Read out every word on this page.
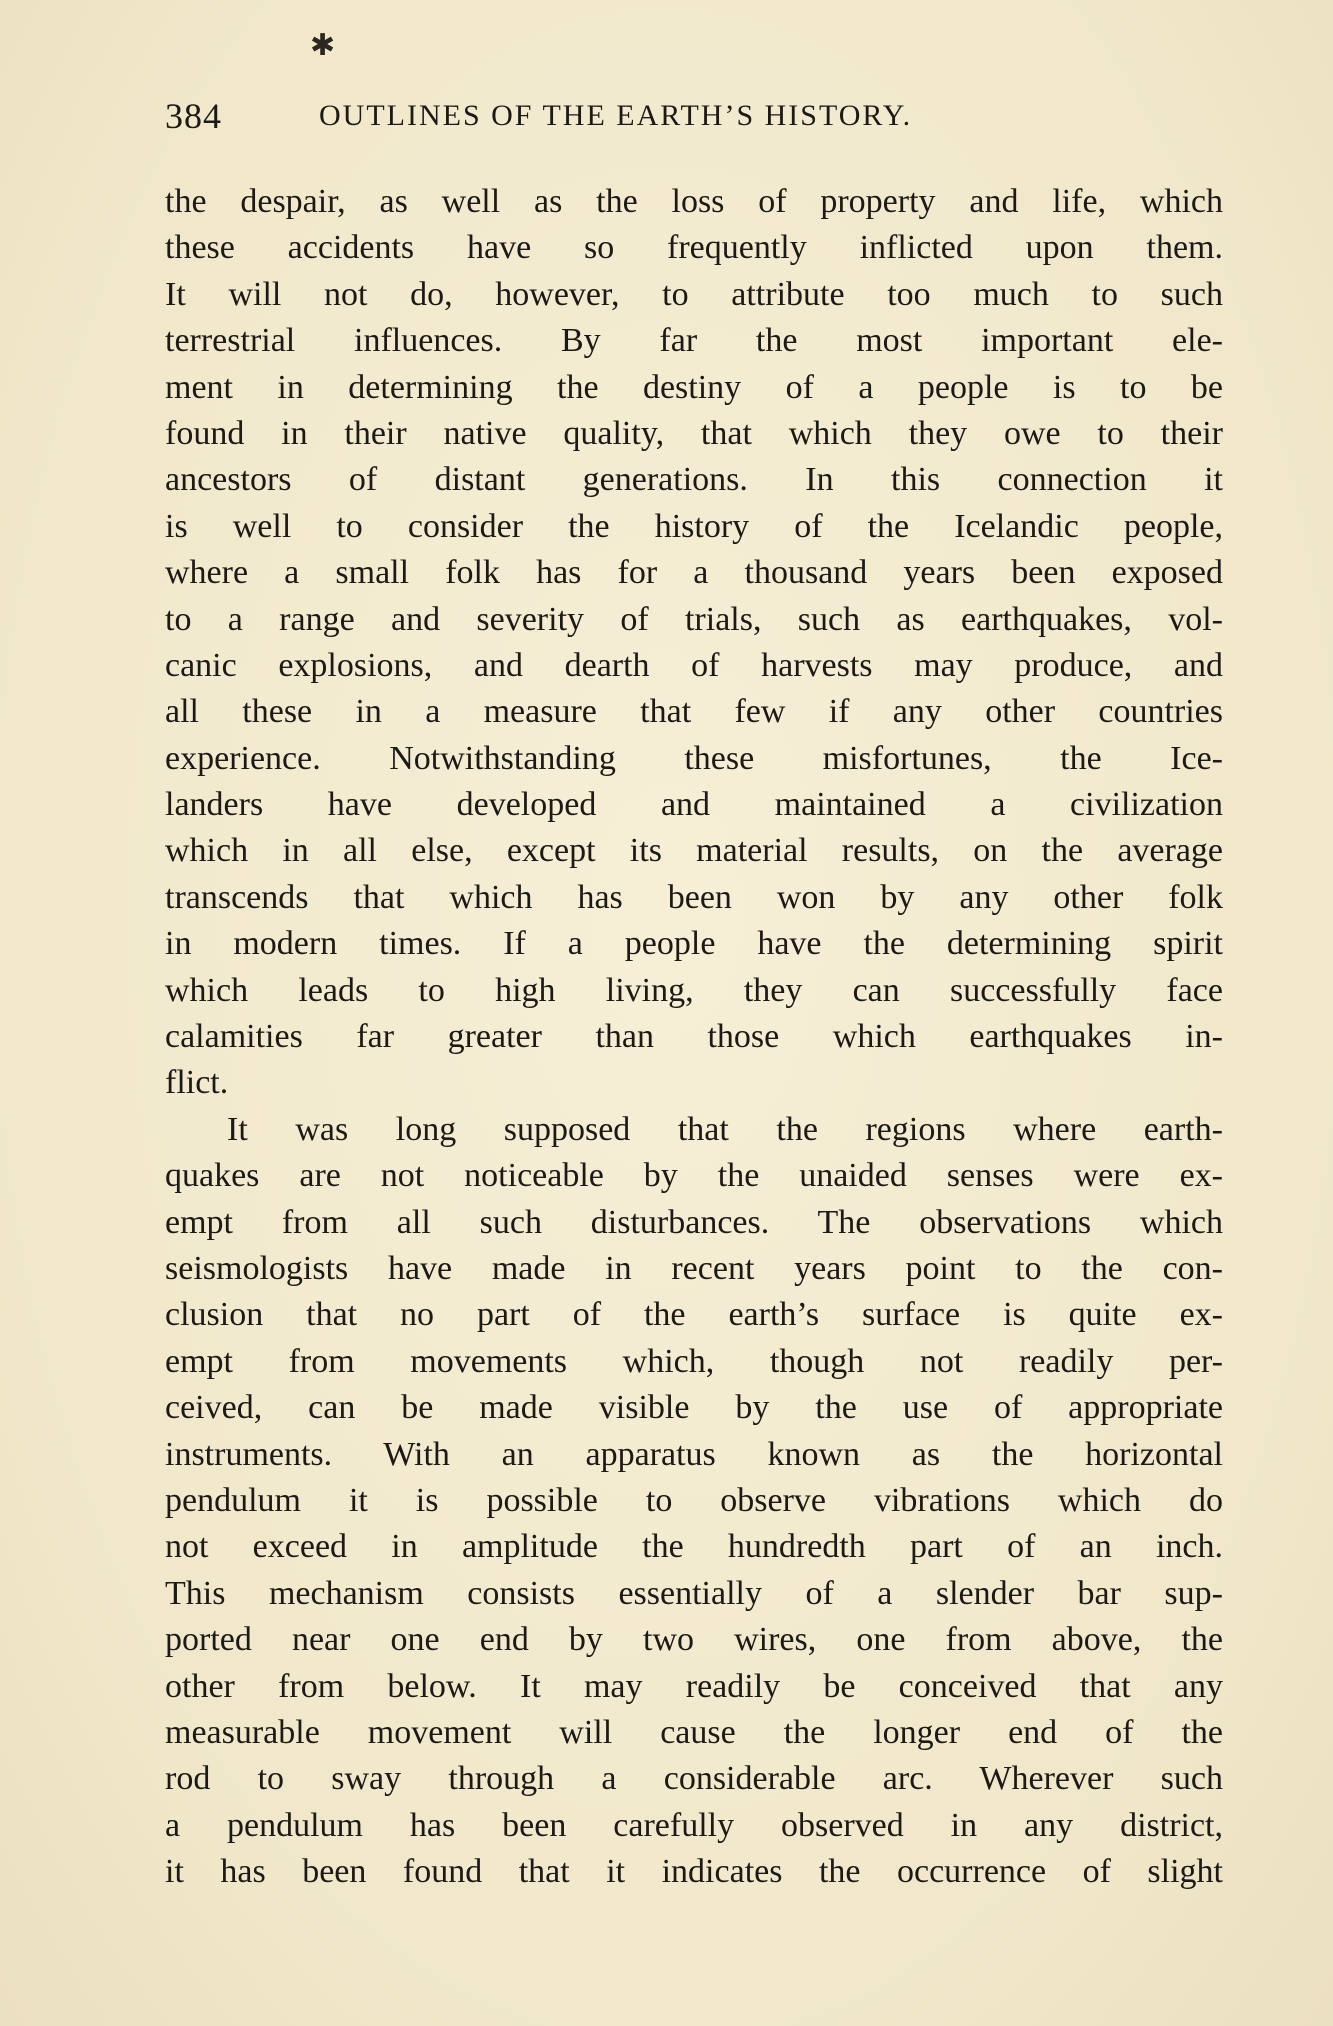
✱
384	OUTLINES OF THE EARTH’S HISTORY.
the despair, as well as the loss of property and life, which
these accidents have so frequently inflicted upon them.
It will not do, however, to attribute too much to such
terrestrial influences. By far the most important ele-
ment in determining the destiny of a people is to be
found in their native quality, that which they owe to their
ancestors of distant generations. In this connection it
is well to consider the history of the Icelandic people,
where a small folk has for a thousand years been exposed
to a range and severity of trials, such as earthquakes, vol-
canic explosions, and dearth of harvests may produce, and
all these in a measure that few if any other countries
experience. Notwithstanding these misfortunes, the Ice-
landers have developed and maintained a civilization
which in all else, except its material results, on the average
transcends that which has been won by any other folk
in modern times. If a people have the determining spirit
which leads to high living, they can successfully face
calamities far greater than those which earthquakes in-
flict.
It was long supposed that the regions where earth-
quakes are not noticeable by the unaided senses were ex-
empt from all such disturbances. The observations which
seismologists have made in recent years point to the con-
clusion that no part of the earth’s surface is quite ex-
empt from movements which, though not readily per-
ceived, can be made visible by the use of appropriate
instruments. With an apparatus known as the horizontal
pendulum it is possible to observe vibrations which do
not exceed in amplitude the hundredth part of an inch.
This mechanism consists essentially of a slender bar sup-
ported near one end by two wires, one from above, the
other from below. It may readily be conceived that any
measurable movement will cause the longer end of the
rod to sway through a considerable arc. Wherever such
a pendulum has been carefully observed in any district,
it has been found that it indicates the occurrence of slight
